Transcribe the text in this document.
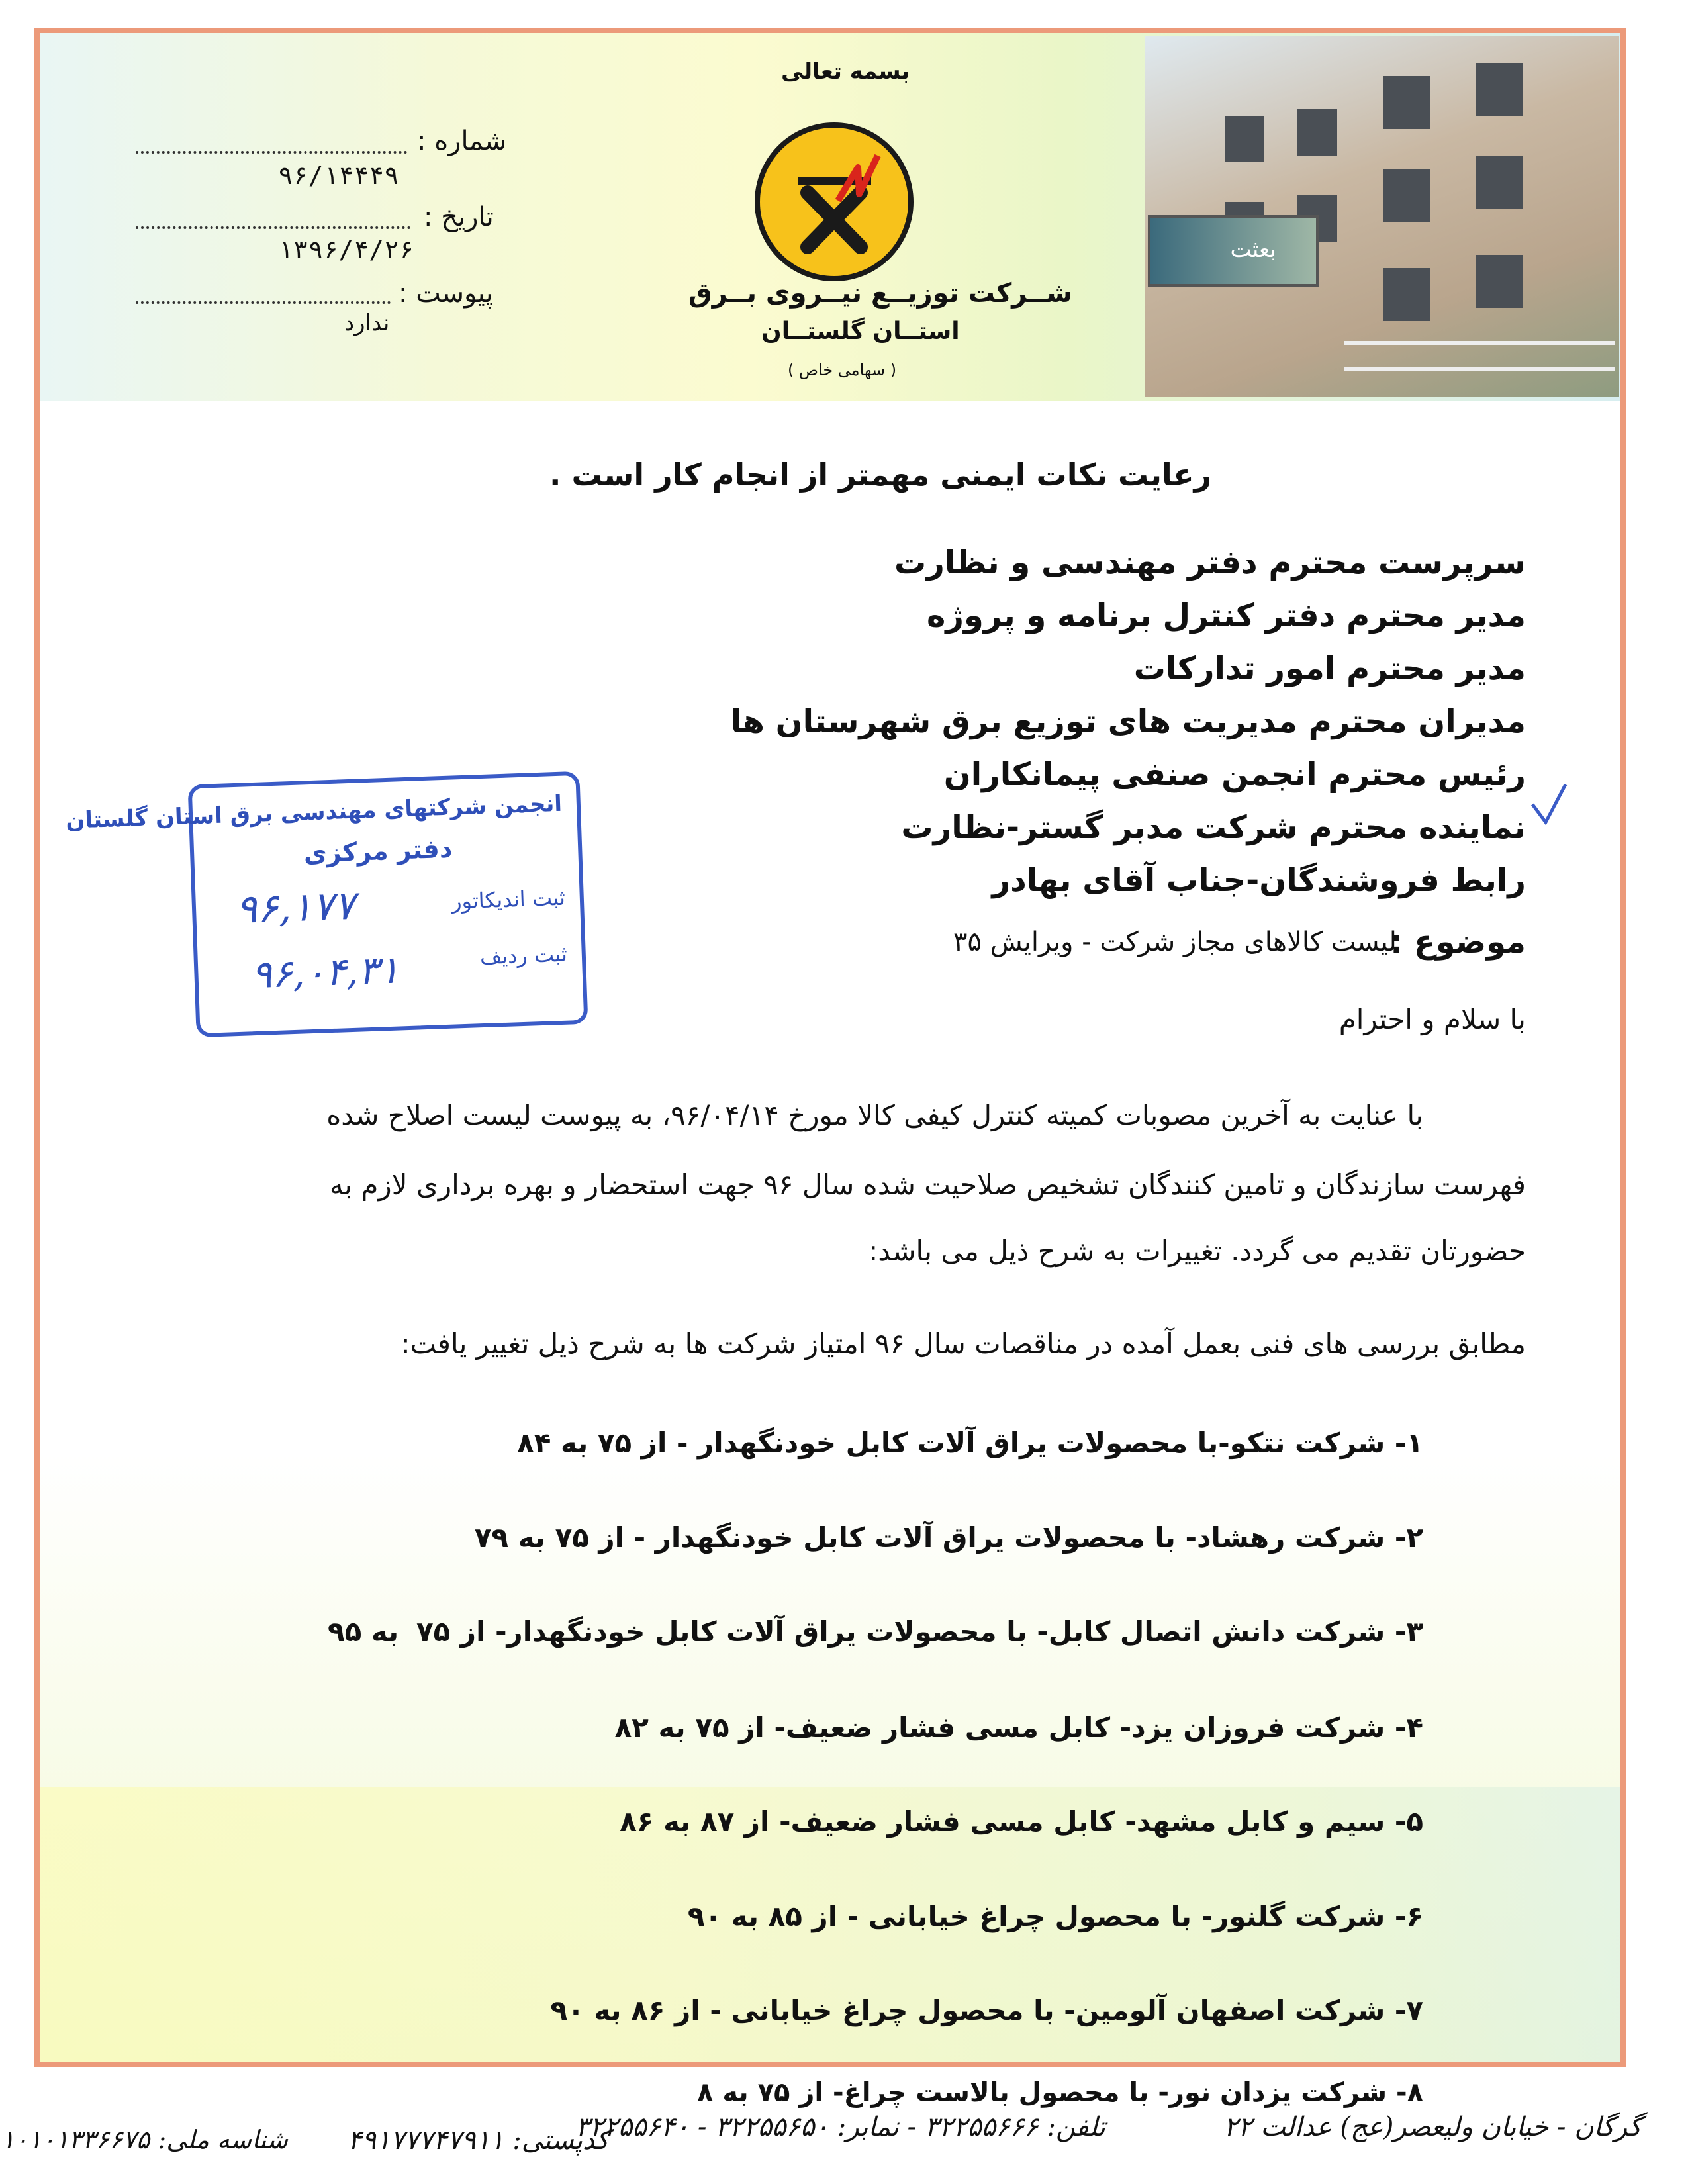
بعثت
بسمه تعالی
شــرکت توزیــع نیــروی بــرق
استــان گلستــان
( سهامی خاص )
شماره :
۹۶/۱۴۴۴۹
تاریخ :
۱۳۹۶/۴/۲۶
پیوست :
ندارد
رعایت نکات ایمنی مهمتر از انجام کار است .
سرپرست محترم دفتر مهندسی و نظارت
مدیر محترم دفتر کنترل برنامه و پروژه
مدیر محترم امور تدارکات
مدیران محترم مدیریت های توزیع برق شهرستان ها
رئیس محترم انجمن صنفی پیمانکاران
نماینده محترم شرکت مدبر گستر-نظارت
رابط فروشندگان-جناب آقای بهادر
موضوع :
لیست کالاهای مجاز شرکت - ویرایش ۳۵
با سلام و احترام
با عنایت به آخرین مصوبات کمیته کنترل کیفی کالا مورخ ۹۶/۰۴/۱۴، به پیوست لیست اصلاح شده
فهرست سازندگان و تامین کنندگان تشخیص صلاحیت شده سال ۹۶ جهت استحضار و بهره برداری لازم به
حضورتان تقدیم می گردد. تغییرات به شرح ذیل می باشد:
مطابق بررسی های فنی بعمل آمده در مناقصات سال ۹۶ امتیاز شرکت ها به شرح ذیل تغییر یافت:
۱- شرکت نتکو-با محصولات یراق آلات کابل خودنگهدار - از ۷۵ به ۸۴
۲- شرکت رهشاد- با محصولات یراق آلات کابل خودنگهدار - از ۷۵ به ۷۹
۳- شرکت دانش اتصال کابل- با محصولات یراق آلات کابل خودنگهدار- از ۷۵
به ۹۵
۴- شرکت فروزان یزد- کابل مسی فشار ضعیف- از ۷۵ به ۸۲
۵- سیم و کابل مشهد- کابل مسی فشار ضعیف- از ۸۷ به ۸۶
۶- شرکت گلنور- با محصول چراغ خیابانی - از ۸۵ به ۹۰
۷- شرکت اصفهان آلومین- با محصول چراغ خیابانی - از ۸۶ به ۹۰
۸- شرکت یزدان نور- با محصول بالاست چراغ- از ۷۵ به ۸
انجمن شرکتهای مهندسی برق استان گلستان
دفتر مرکزی
ثبت اندیکاتور
۹۶,۱۷۷
ثبت ردیف
۹۶,۰۴,۳۱
گرگان - خیابان ولیعصر(عج) عدالت ۲۲
تلفن: ۳۲۲۵۵۶۶۶ - نمابر: ۳۲۲۵۵۶۵۰ - ۳۲۲۵۵۶۴۰
کدپستی: ۴۹۱۷۷۷۴۷۹۱۱
شناسه ملی: ۱۰۱۰۱۳۳۶۶۷۵
